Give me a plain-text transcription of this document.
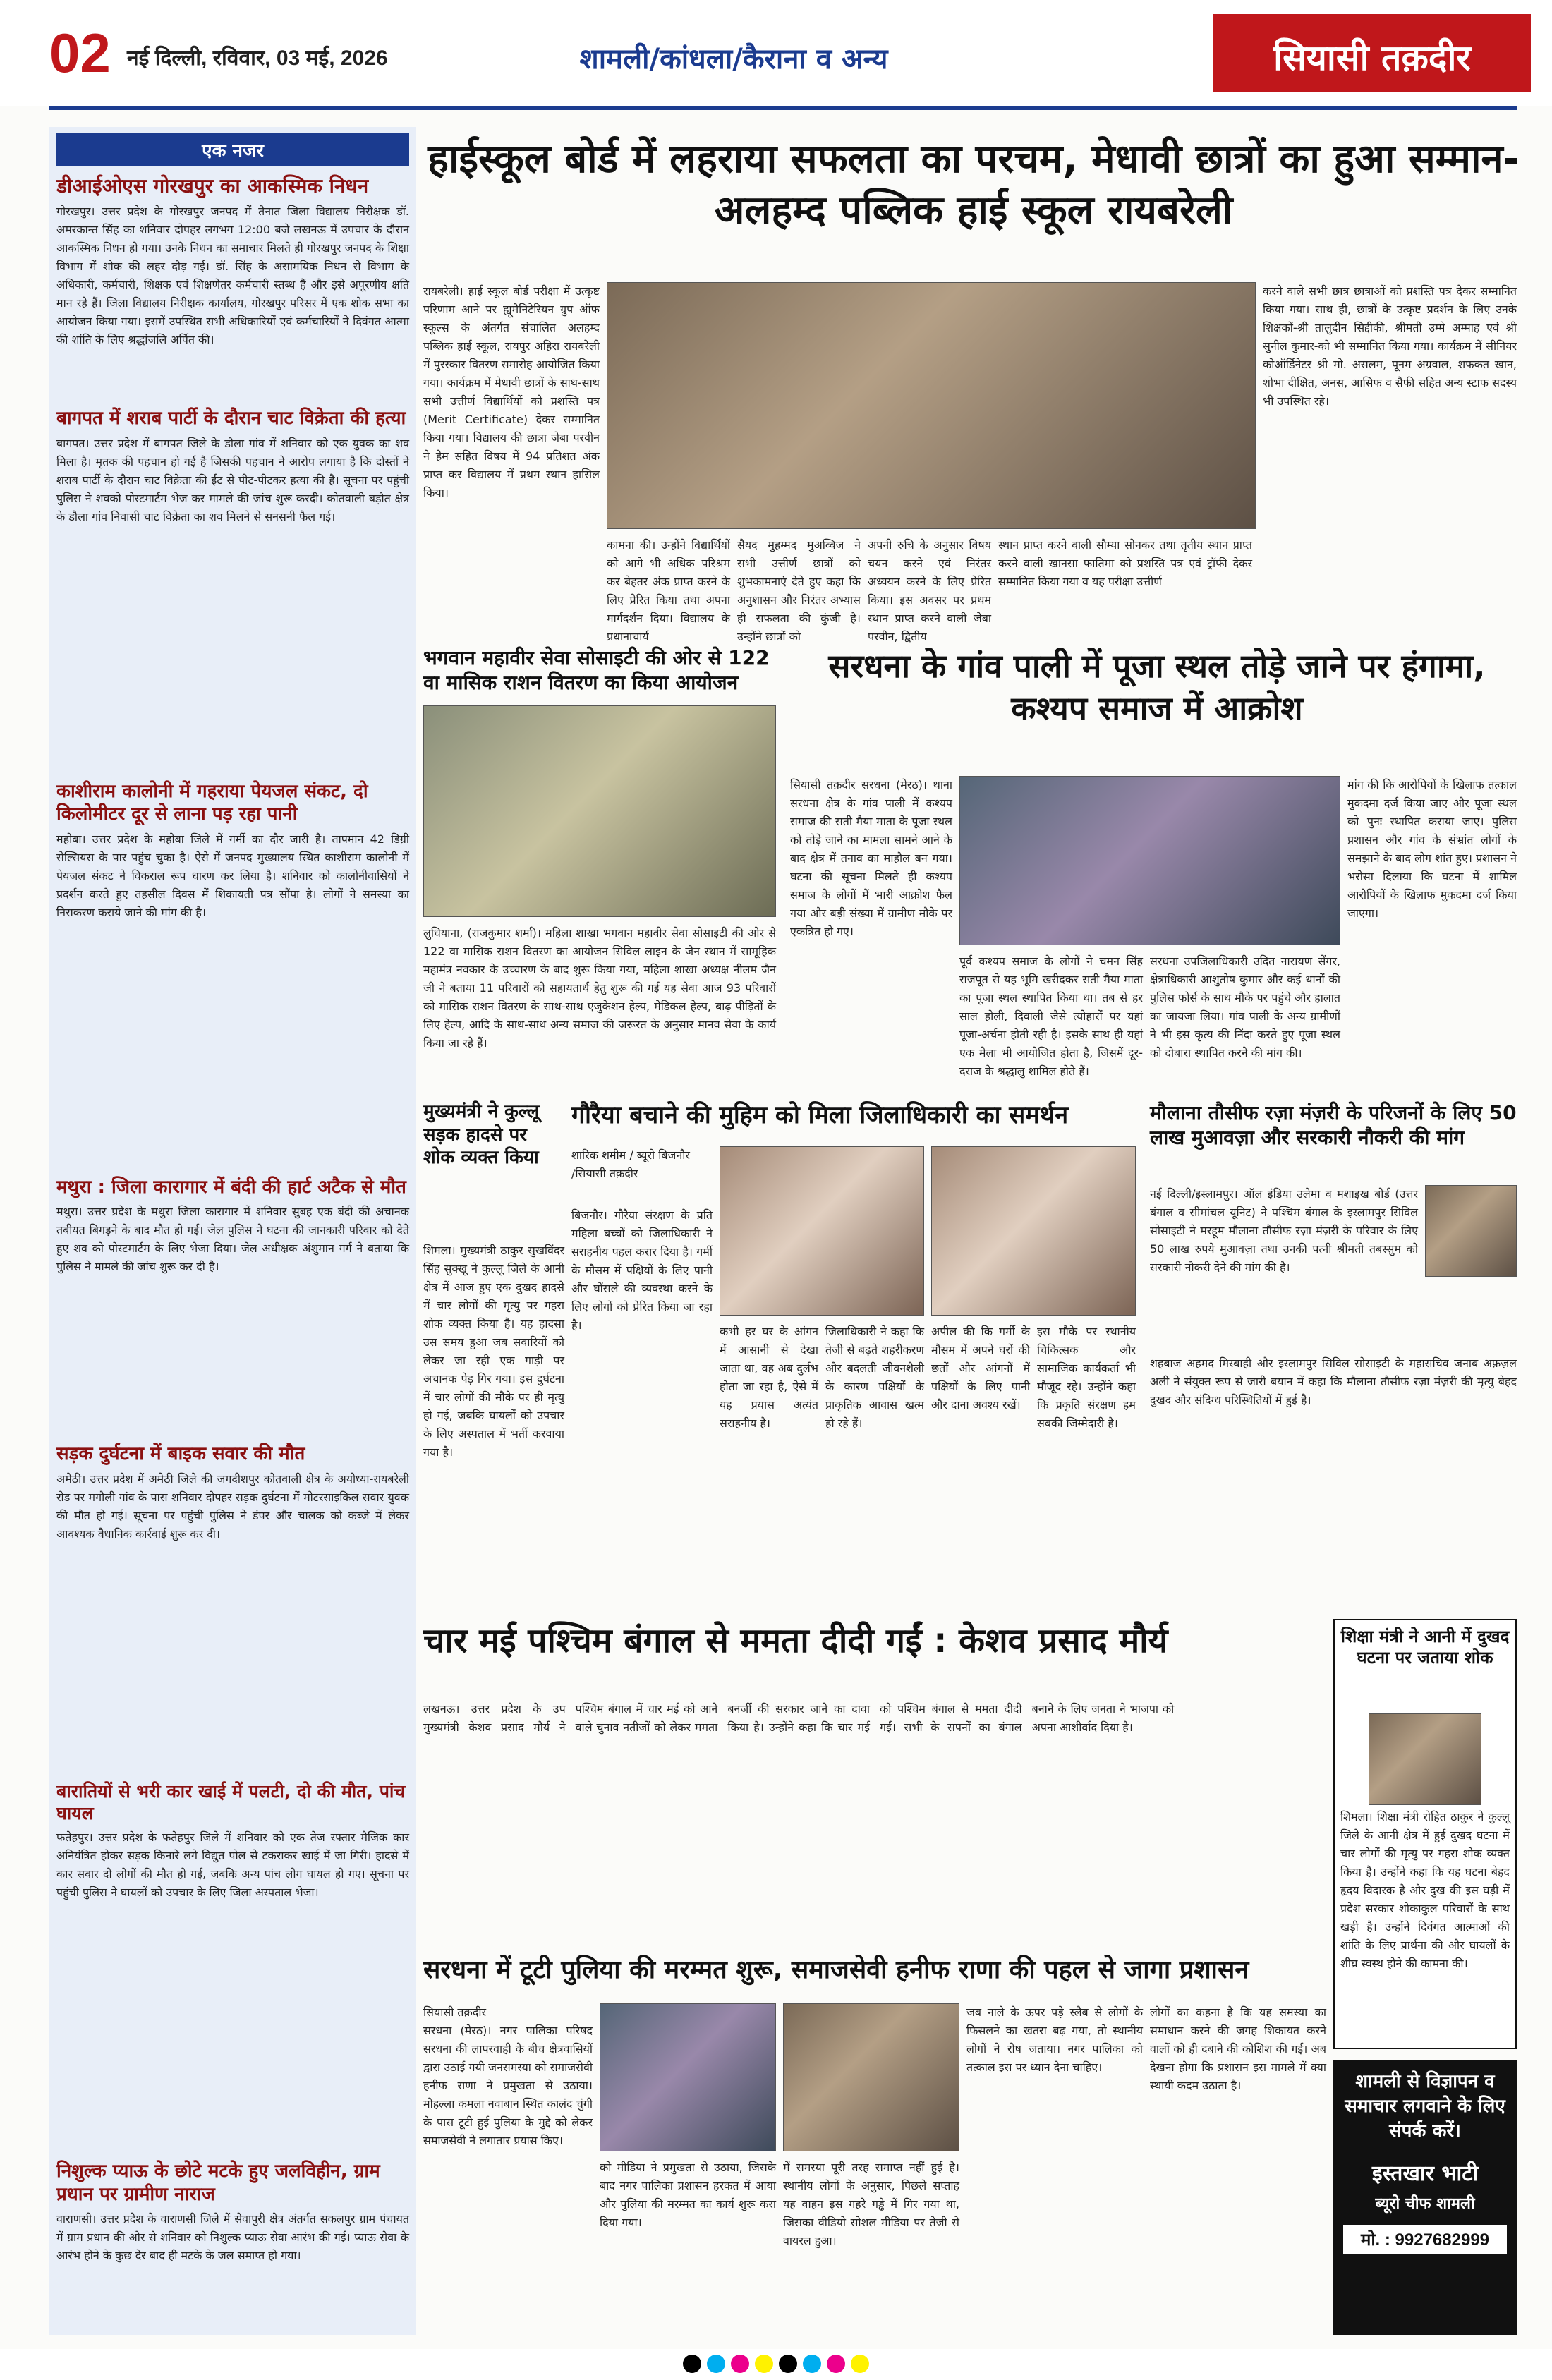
02 नई दिल्ली, रविवार, 03 मई, 2026	शामली/कांधला/कैराना व अन्य	सियासी तक़दीर
एक नजर
डीआईओएस गोरखपुर का आकस्मिक निधन
गोरखपुर। उत्तर प्रदेश के गोरखपुर जनपद में तैनात जिला विद्यालय निरीक्षक डॉ. अमरकान्त सिंह का शनिवार दोपहर लगभग 12:00 बजे लखनऊ में उपचार के दौरान आकस्मिक निधन हो गया। उनके निधन का समाचार मिलते ही गोरखपुर जनपद के शिक्षा विभाग में शोक की लहर दौड़ गई। डॉ. सिंह के असामयिक निधन से विभाग के अधिकारी, कर्मचारी, शिक्षक एवं शिक्षणेतर कर्मचारी स्तब्ध हैं और इसे अपूरणीय क्षति मान रहे हैं। जिला विद्यालय निरीक्षक कार्यालय, गोरखपुर परिसर में एक शोक सभा का आयोजन किया गया। इसमें उपस्थित सभी अधिकारियों एवं कर्मचारियों ने दिवंगत आत्मा की शांति के लिए श्रद्धांजलि अर्पित की।
बागपत में शराब पार्टी के दौरान चाट विक्रेता की हत्या
बागपत। उत्तर प्रदेश में बागपत जिले के डौला गांव में शनिवार को एक युवक का शव मिला है। मृतक की पहचान हो गई है जिसकी पहचान ने आरोप लगाया है कि दोस्तों ने शराब पार्टी के दौरान चाट विक्रेता की ईंट से पीट-पीटकर हत्या की है। सूचना पर पहुंची पुलिस ने शवको पोस्टमार्टम भेज कर मामले की जांच शुरू करदी। कोतवाली बड़ौत क्षेत्र के डौला गांव निवासी चाट विक्रेता का शव मिलने से सनसनी फैल गई।
काशीराम कालोनी में गहराया पेयजल संकट, दो किलोमीटर दूर से लाना पड़ रहा पानी
महोबा। उत्तर प्रदेश के महोबा जिले में गर्मी का दौर जारी है। तापमान 42 डिग्री सेल्सियस के पार पहुंच चुका है। ऐसे में जनपद मुख्यालय स्थित काशीराम कालोनी में पेयजल संकट ने विकराल रूप धारण कर लिया है। शनिवार को कालोनीवासियों ने प्रदर्शन करते हुए तहसील दिवस में शिकायती पत्र सौंपा है। लोगों ने समस्या का निराकरण कराये जाने की मांग की है।
मथुरा : जिला कारागार में बंदी की हार्ट अटैक से मौत
मथुरा। उत्तर प्रदेश के मथुरा जिला कारागार में शनिवार सुबह एक बंदी की अचानक तबीयत बिगड़ने के बाद मौत हो गई। जेल पुलिस ने घटना की जानकारी परिवार को देते हुए शव को पोस्टमार्टम के लिए भेजा दिया। जेल अधीक्षक अंशुमान गर्ग ने बताया कि पुलिस ने मामले की जांच शुरू कर दी है।
सड़क दुर्घटना में बाइक सवार की मौत
अमेठी। उत्तर प्रदेश में अमेठी जिले की जगदीशपुर कोतवाली क्षेत्र के अयोध्या-रायबरेली रोड पर मगौली गांव के पास शनिवार दोपहर सड़क दुर्घटना में मोटरसाइकिल सवार युवक की मौत हो गई। सूचना पर पहुंची पुलिस ने डंपर और चालक को कब्जे में लेकर आवश्यक वैधानिक कार्रवाई शुरू कर दी।
बारातियों से भरी कार खाई में पलटी, दो की मौत, पांच घायल
फतेहपुर। उत्तर प्रदेश के फतेहपुर जिले में शनिवार को एक तेज रफ्तार मैजिक कार अनियंत्रित होकर सड़क किनारे लगे विद्युत पोल से टकराकर खाई में जा गिरी। हादसे में कार सवार दो लोगों की मौत हो गई, जबकि अन्य पांच लोग घायल हो गए। सूचना पर पहुंची पुलिस ने घायलों को उपचार के लिए जिला अस्पताल भेजा।
निशुल्क प्याऊ के छोटे मटके हुए जलविहीन, ग्राम प्रधान पर ग्रामीण नाराज
वाराणसी। उत्तर प्रदेश के वाराणसी जिले में सेवापुरी क्षेत्र अंतर्गत सकलपुर ग्राम पंचायत में ग्राम प्रधान की ओर से शनिवार को निशुल्क प्याऊ सेवा आरंभ की गई। प्याऊ सेवा के आरंभ होने के कुछ देर बाद ही मटके के जल समाप्त हो गया।
हाईस्कूल बोर्ड में लहराया सफलता का परचम, मेधावी छात्रों का हुआ सम्मान-अलहम्द पब्लिक हाई स्कूल रायबरेली
रायबरेली। हाई स्कूल बोर्ड परीक्षा में उत्कृष्ट परिणाम आने पर ह्यूमैनिटेरियन ग्रुप ऑफ स्कूल्स के अंतर्गत संचालित अलहम्द पब्लिक हाई स्कूल, रायपुर अहिरा रायबरेली में पुरस्कार वितरण समारोह आयोजित किया गया। कार्यक्रम में मेधावी छात्रों के साथ-साथ सभी उत्तीर्ण विद्यार्थियों को प्रशस्ति पत्र (Merit Certificate) देकर सम्मानित किया गया। विद्यालय की छात्रा जेबा परवीन ने हेम सहित विषय में 94 प्रतिशत अंक प्राप्त कर विद्यालय में प्रथम स्थान हासिल किया।
कामना की। उन्होंने विद्यार्थियों को आगे भी अधिक परिश्रम कर बेहतर अंक प्राप्त करने के लिए प्रेरित किया तथा अपना मार्गदर्शन दिया। विद्यालय के प्रधानाचार्य
सैयद मुहम्मद मुअव्विज ने सभी उत्तीर्ण छात्रों को शुभकामनाएं देते हुए कहा कि अनुशासन और निरंतर अभ्यास ही सफलता की कुंजी है। उन्होंने छात्रों को
अपनी रुचि के अनुसार विषय चयन करने एवं निरंतर अध्ययन करने के लिए प्रेरित किया। इस अवसर पर प्रथम स्थान प्राप्त करने वाली जेबा परवीन, द्वितीय
स्थान प्राप्त करने वाली सौम्या सोनकर तथा तृतीय स्थान प्राप्त करने वाली खानसा फातिमा को प्रशस्ति पत्र एवं ट्रॉफी देकर सम्मानित किया गया व यह परीक्षा उत्तीर्ण
करने वाले सभी छात्र छात्राओं को प्रशस्ति पत्र देकर सम्मानित किया गया। साथ ही, छात्रों के उत्कृष्ट प्रदर्शन के लिए उनके शिक्षकों-श्री तालुदीन सिद्दीकी, श्रीमती उम्मे अम्माह एवं श्री सुनील कुमार-को भी सम्मानित किया गया। कार्यक्रम में सीनियर कोऑर्डिनेटर श्री मो. असलम, पूनम अग्रवाल, शफकत खान, शोभा दीक्षित, अनस, आसिफ व सैफी सहित अन्य स्टाफ सदस्य भी उपस्थित रहे।
भगवान महावीर सेवा सोसाइटी की ओर से 122 वा मासिक राशन वितरण का किया आयोजन
लुधियाना, (राजकुमार शर्मा)। महिला शाखा भगवान महावीर सेवा सोसाइटी की ओर से 122 वा मासिक राशन वितरण का आयोजन सिविल लाइन के जैन स्थान में सामूहिक महामंत्र नवकार के उच्चारण के बाद शुरू किया गया, महिला शाखा अध्यक्ष नीलम जैन जी ने बताया 11 परिवारों को सहायतार्थ हेतु शुरू की गई यह सेवा आज 93 परिवारों को मासिक राशन वितरण के साथ-साथ एजुकेशन हेल्प, मेडिकल हेल्प, बाढ़ पीड़ितों के लिए हेल्प, आदि के साथ-साथ अन्य समाज की जरूरत के अनुसार मानव सेवा के कार्य किया जा रहे हैं।
सरधना के गांव पाली में पूजा स्थल तोड़े जाने पर हंगामा, कश्यप समाज में आक्रोश
सियासी तक़दीर सरधना (मेरठ)। थाना सरधना क्षेत्र के गांव पाली में कश्यप समाज की सती मैया माता के पूजा स्थल को तोड़े जाने का मामला सामने आने के बाद क्षेत्र में तनाव का माहौल बन गया। घटना की सूचना मिलते ही कश्यप समाज के लोगों में भारी आक्रोश फैल गया और बड़ी संख्या में ग्रामीण मौके पर एकत्रित हो गए।
पूर्व कश्यप समाज के लोगों ने चमन सिंह राजपूत से यह भूमि खरीदकर सती मैया माता का पूजा स्थल स्थापित किया था। तब से हर साल होली, दिवाली जैसे त्योहारों पर यहां पूजा-अर्चना होती रही है। इसके साथ ही यहां एक मेला भी आयोजित होता है, जिसमें दूर-दराज के श्रद्धालु शामिल होते हैं।
सरधना उपजिलाधिकारी उदित नारायण सेंगर, क्षेत्राधिकारी आशुतोष कुमार और कई थानों की पुलिस फोर्स के साथ मौके पर पहुंचे और हालात का जायजा लिया। गांव पाली के अन्य ग्रामीणों ने भी इस कृत्य की निंदा करते हुए पूजा स्थल को दोबारा स्थापित करने की मांग की।
मांग की कि आरोपियों के खिलाफ तत्काल मुकदमा दर्ज किया जाए और पूजा स्थल को पुनः स्थापित कराया जाए। पुलिस प्रशासन और गांव के संभ्रांत लोगों के समझाने के बाद लोग शांत हुए। प्रशासन ने भरोसा दिलाया कि घटना में शामिल आरोपियों के खिलाफ मुकदमा दर्ज किया जाएगा।
मुख्यमंत्री ने कुल्लू सड़क हादसे पर शोक व्यक्त किया
शिमला। मुख्यमंत्री ठाकुर सुखविंदर सिंह सुक्खू ने कुल्लू जिले के आनी क्षेत्र में आज हुए एक दुखद हादसे में चार लोगों की मृत्यु पर गहरा शोक व्यक्त किया है। यह हादसा उस समय हुआ जब सवारियों को लेकर जा रही एक गाड़ी पर अचानक पेड़ गिर गया। इस दुर्घटना में चार लोगों की मौके पर ही मृत्यु हो गई, जबकि घायलों को उपचार के लिए अस्पताल में भर्ती करवाया गया है।
गौरैया बचाने की मुहिम को मिला जिलाधिकारी का समर्थन
शारिक शमीम / ब्यूरो बिजनौर
/सियासी तक़दीर
बिजनौर। गौरैया संरक्षण के प्रति महिला बच्चों को जिलाधिकारी ने सराहनीय पहल करार दिया है। गर्मी के मौसम में पक्षियों के लिए पानी और घोंसले की व्यवस्था करने के लिए लोगों को प्रेरित किया जा रहा है।	कभी हर घर के आंगन में आसानी से देखा जाता था, वह अब दुर्लभ होता जा रहा है, ऐसे में यह प्रयास अत्यंत सराहनीय है।
जिलाधिकारी ने कहा कि तेजी से बढ़ते शहरीकरण और बदलती जीवनशैली के कारण पक्षियों के प्राकृतिक आवास खत्म हो रहे हैं।
अपील की कि गर्मी के मौसम में अपने घरों की छतों और आंगनों में पक्षियों के लिए पानी और दाना अवश्य रखें।
इस मौके पर स्थानीय चिकित्सक और सामाजिक कार्यकर्ता भी मौजूद रहे। उन्होंने कहा कि प्रकृति संरक्षण हम सबकी जिम्मेदारी है।
मौलाना तौसीफ रज़ा मंज़री के परिजनों के लिए 50 लाख मुआवज़ा और सरकारी नौकरी की मांग
नई दिल्ली/इस्लामपुर। ऑल इंडिया उलेमा व मशाइख बोर्ड (उत्तर बंगाल व सीमांचल यूनिट) ने पश्चिम बंगाल के इस्लामपुर सिविल सोसाइटी ने मरहूम मौलाना तौसीफ रज़ा मंज़री के परिवार के लिए 50 लाख रुपये मुआवज़ा तथा उनकी पत्नी श्रीमती तबस्सुम को सरकारी नौकरी देने की मांग की है।
शहबाज अहमद मिस्बाही और इस्लामपुर सिविल सोसाइटी के महासचिव जनाब अफ़ज़ल अली ने संयुक्त रूप से जारी बयान में कहा कि मौलाना तौसीफ रज़ा मंज़री की मृत्यु बेहद दुखद और संदिग्ध परिस्थितियों में हुई है।
चार मई पश्चिम बंगाल से ममता दीदी गईं : केशव प्रसाद मौर्य
लखनऊ। उत्तर प्रदेश के उप मुख्यमंत्री केशव प्रसाद मौर्य ने पश्चिम बंगाल में चार मई को आने वाले चुनाव नतीजों को लेकर ममता बनर्जी की सरकार जाने का दावा किया है। उन्होंने कहा कि चार मई को पश्चिम बंगाल से ममता दीदी गईं। सभी के सपनों का बंगाल बनाने के लिए जनता ने भाजपा को अपना आशीर्वाद दिया है।
सरधना में टूटी पुलिया की मरम्मत शुरू, समाजसेवी हनीफ राणा की पहल से जागा प्रशासन
सियासी तक़दीर
सरधना (मेरठ)। नगर पालिका परिषद सरधना की लापरवाही के बीच क्षेत्रवासियों द्वारा उठाई गयी जनसमस्या को समाजसेवी हनीफ राणा ने प्रमुखता से उठाया। मोहल्ला कमला नवाबान स्थित कालंद चुंगी के पास टूटी हुई पुलिया के मुद्दे को लेकर समाजसेवी ने लगातार प्रयास किए।
को मीडिया ने प्रमुखता से उठाया, जिसके बाद नगर पालिका प्रशासन हरकत में आया और पुलिया की मरम्मत का कार्य शुरू करा दिया गया।
में समस्या पूरी तरह समाप्त नहीं हुई है। स्थानीय लोगों के अनुसार, पिछले सप्ताह यह वाहन इस गहरे गड्ढे में गिर गया था, जिसका वीडियो सोशल मीडिया पर तेजी से वायरल हुआ।
जब नाले के ऊपर पड़े स्लैब से लोगों के फिसलने का खतरा बढ़ गया, तो स्थानीय लोगों ने रोष जताया। नगर पालिका को तत्काल इस पर ध्यान देना चाहिए।
लोगों का कहना है कि यह समस्या का समाधान करने की जगह शिकायत करने वालों को ही दबाने की कोशिश की गई। अब देखना होगा कि प्रशासन इस मामले में क्या स्थायी कदम उठाता है।
शिक्षा मंत्री ने आनी में दुखद घटना पर जताया शोक
शिमला। शिक्षा मंत्री रोहित ठाकुर ने कुल्लू जिले के आनी क्षेत्र में हुई दुखद घटना में चार लोगों की मृत्यु पर गहरा शोक व्यक्त किया है। उन्होंने कहा कि यह घटना बेहद हृदय विदारक है और दुख की इस घड़ी में प्रदेश सरकार शोकाकुल परिवारों के साथ खड़ी है। उन्होंने दिवंगत आत्माओं की शांति के लिए प्रार्थना की और घायलों के शीघ्र स्वस्थ होने की कामना की।
शामली से विज्ञापन व समाचार लगवाने के लिए संपर्क करें।
इस्तखार भाटी
ब्यूरो चीफ शामली
मो. : 9927682999
